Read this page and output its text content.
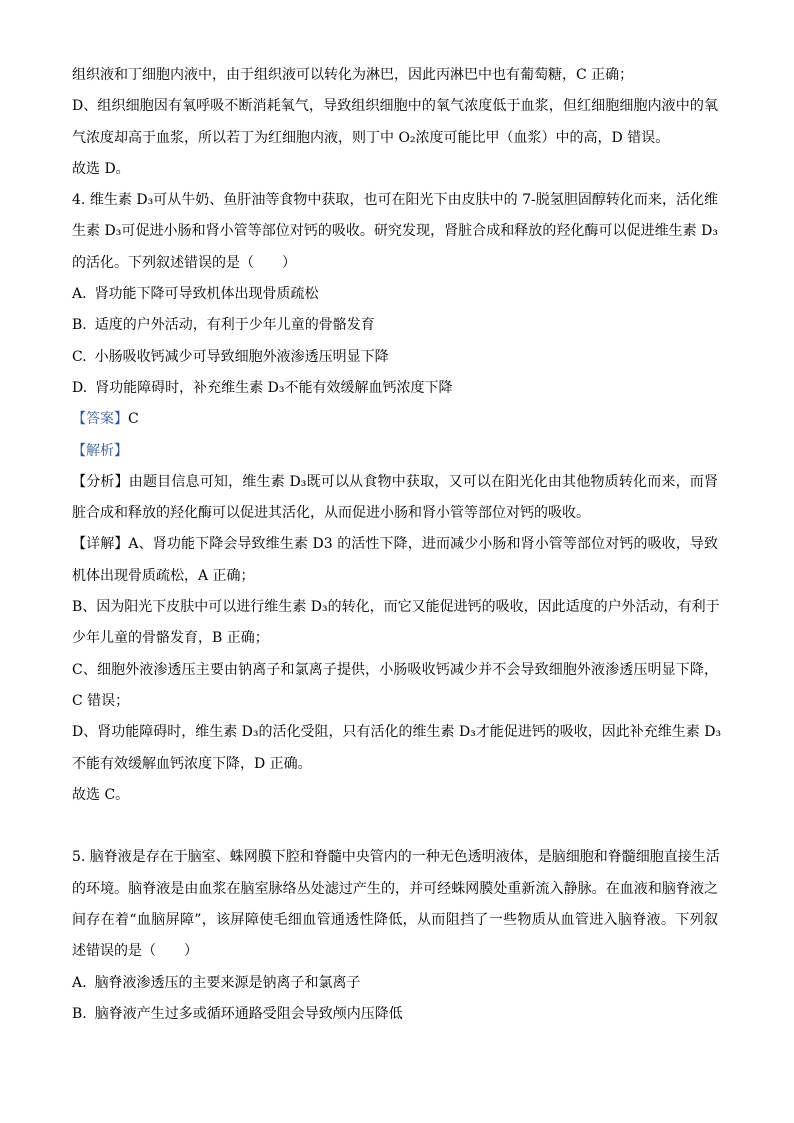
组织液和丁细胞内液中，由于组织液可以转化为淋巴，因此丙淋巴中也有葡萄糖，C 正确；
D、组织细胞因有氧呼吸不断消耗氧气，导致组织细胞中的氧气浓度低于血浆，但红细胞细胞内液中的氧
气浓度却高于血浆，所以若丁为红细胞内液，则丁中 O₂浓度可能比甲（血浆）中的高，D 错误。
故选 D。
4. 维生素 D₃可从牛奶、鱼肝油等食物中获取，也可在阳光下由皮肤中的 7-脱氢胆固醇转化而来，活化维
生素 D₃可促进小肠和肾小管等部位对钙的吸收。研究发现，肾脏合成和释放的羟化酶可以促进维生素 D₃
的活化。下列叙述错误的是（　　）
A. 肾功能下降可导致机体出现骨质疏松
B. 适度的户外活动，有利于少年儿童的骨骼发育
C. 小肠吸收钙减少可导致细胞外液渗透压明显下降
D. 肾功能障碍时，补充维生素 D₃不能有效缓解血钙浓度下降
【答案】C
【解析】
【分析】由题目信息可知，维生素 D₃既可以从食物中获取，又可以在阳光化由其他物质转化而来，而肾
脏合成和释放的羟化酶可以促进其活化，从而促进小肠和肾小管等部位对钙的吸收。
【详解】A、肾功能下降会导致维生素 D3 的活性下降，进而减少小肠和肾小管等部位对钙的吸收，导致
机体出现骨质疏松，A 正确；
B、因为阳光下皮肤中可以进行维生素 D₃的转化，而它又能促进钙的吸收，因此适度的户外活动，有利于
少年儿童的骨骼发育，B 正确；
C、细胞外液渗透压主要由钠离子和氯离子提供，小肠吸收钙减少并不会导致细胞外液渗透压明显下降，
C 错误；
D、肾功能障碍时，维生素 D₃的活化受阻，只有活化的维生素 D₃才能促进钙的吸收，因此补充维生素 D₃
不能有效缓解血钙浓度下降，D 正确。
故选 C。
5. 脑脊液是存在于脑室、蛛网膜下腔和脊髓中央管内的一种无色透明液体，是脑细胞和脊髓细胞直接生活
的环境。脑脊液是由血浆在脑室脉络丛处滤过产生的，并可经蛛网膜处重新流入静脉。在血液和脑脊液之
间存在着“血脑屏障”，该屏障使毛细血管通透性降低，从而阻挡了一些物质从血管进入脑脊液。下列叙
述错误的是（　　）
A. 脑脊液渗透压的主要来源是钠离子和氯离子
B. 脑脊液产生过多或循环通路受阻会导致颅内压降低
